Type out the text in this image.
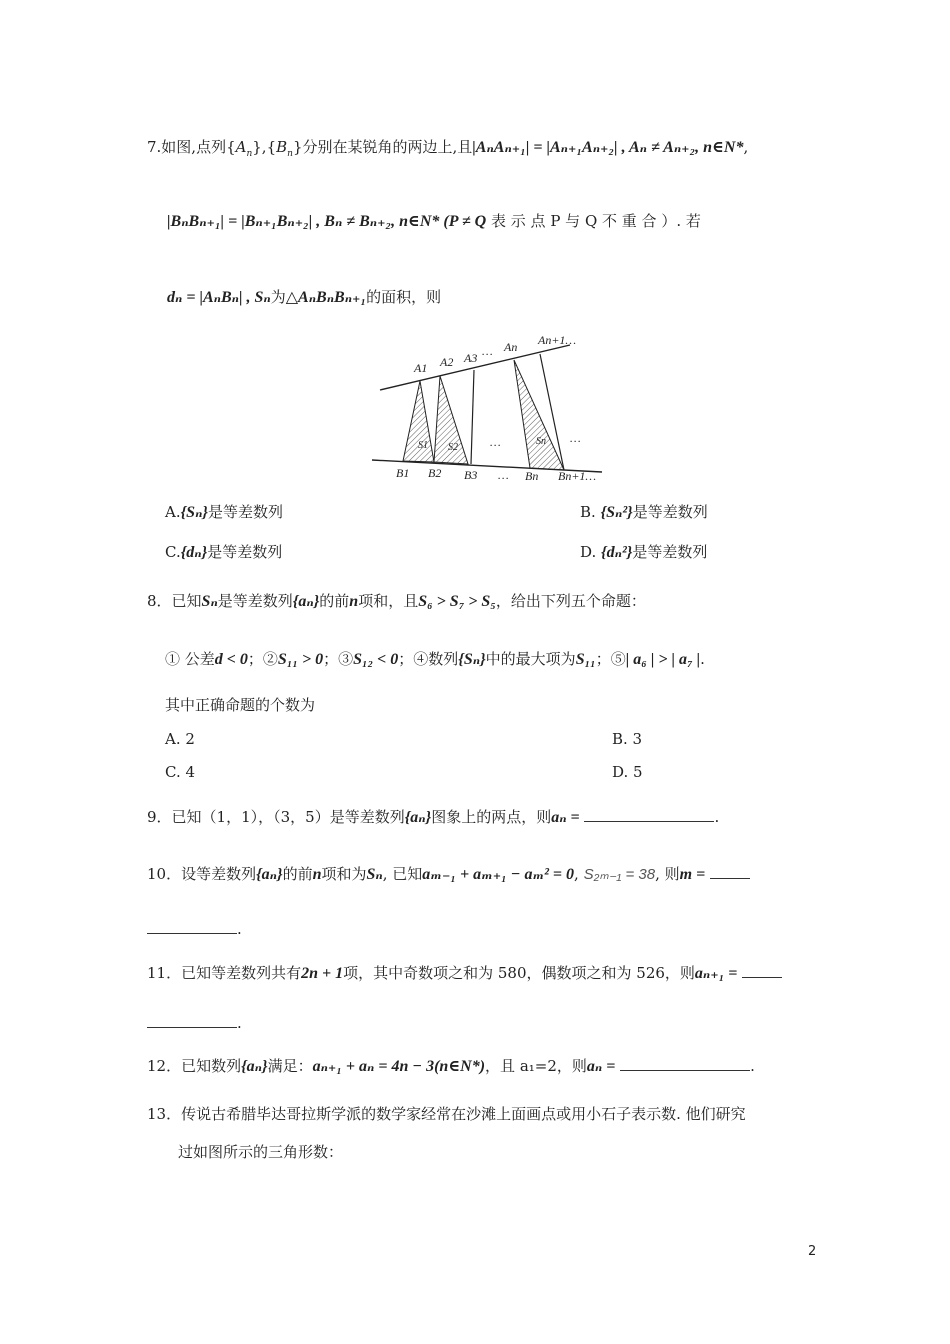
7.如图,点列$\{A_n\},\{B_n\}$分别在某锐角的两边上,且|AₙAₙ₊₁| = |Aₙ₊₁Aₙ₊₂| , Aₙ ≠ Aₙ₊₂, n∈N*,
|BₙBₙ₊₁| = |Bₙ₊₁Bₙ₊₂| , Bₙ ≠ Bₙ₊₂, n∈N* (P ≠ Q 表 示 点 P 与 Q 不 重 合 ）. 若
dₙ = |AₙBₙ| , Sₙ为△AₙBₙBₙ₊₁的面积，则
A1 A2 A3 … An An+1…
B1 B2 B3 … Bn Bn+1…
S1 S2
Sn
…	…
A.{Sₙ}是等差数列	B. {Sₙ²}是等差数列
C.{dₙ}是等差数列	D. {dₙ²}是等差数列
8．已知Sₙ是等差数列{aₙ}的前n项和，且S₆ > S₇ > S₅，给出下列五个命题：
① 公差d < 0；②S₁₁ > 0；③S₁₂ < 0；④数列{Sₙ}中的最大项为S₁₁；⑤| a₆ | > | a₇ |.
其中正确命题的个数为
A. 2	B. 3
C. 4	D. 5
9．已知（1，1），（3，5）是等差数列{aₙ}图象上的两点，则aₙ =	.
10．设等差数列{aₙ}的前n项和为Sₙ, 已知aₘ₋₁ + aₘ₊₁ − aₘ² = 0, S₂ₘ₋₁ = 38, 则m =
.
11．已知等差数列共有2n + 1项，其中奇数项之和为 580，偶数项之和为 526，则aₙ₊₁ =
.
12．已知数列{aₙ}满足：aₙ₊₁ + aₙ = 4n − 3(n∈N*)，且 a₁=2，则aₙ =	.
13．传说古希腊毕达哥拉斯学派的数学家经常在沙滩上面画点或用小石子表示数. 他们研究
过如图所示的三角形数：
2
